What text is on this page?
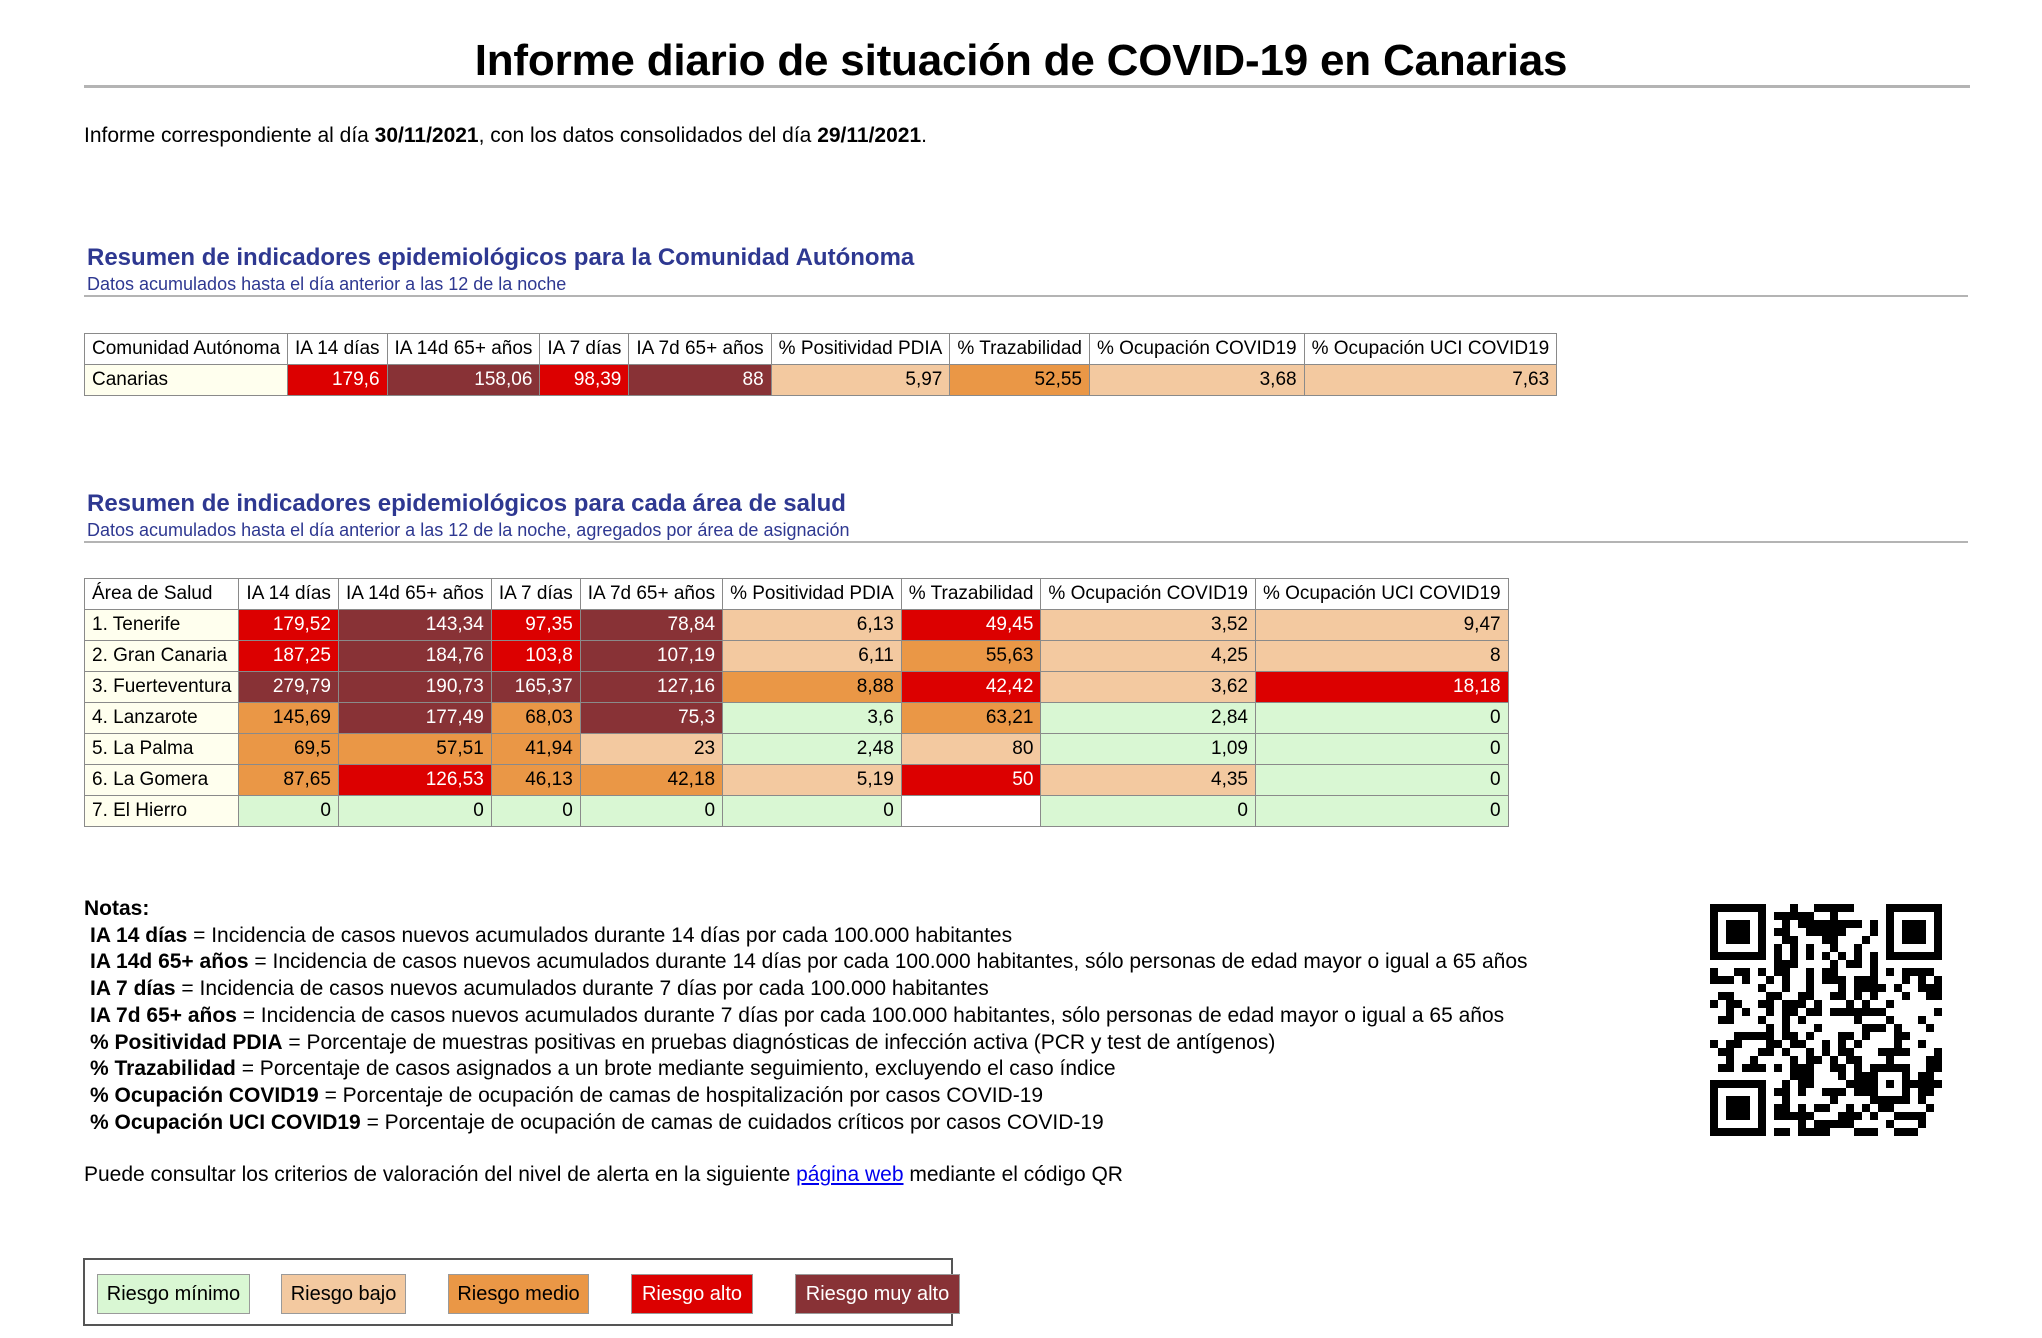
Informe diario de situación de COVID-19 en Canarias
Informe correspondiente al día 30/11/2021, con los datos consolidados del día 29/11/2021.
Resumen de indicadores epidemiológicos para la Comunidad Autónoma
Datos acumulados hasta el día anterior a las 12 de la noche
Comunidad Autónoma	IA 14 días	IA 14d 65+ años	IA 7 días	IA 7d 65+ años	% Positividad PDIA	% Trazabilidad	% Ocupación COVID19	% Ocupación UCI COVID19
Canarias	179,6	158,06	98,39	88	5,97	52,55	3,68	7,63
Resumen de indicadores epidemiológicos para cada área de salud
Datos acumulados hasta el día anterior a las 12 de la noche, agregados por área de asignación
Área de Salud	IA 14 días	IA 14d 65+ años	IA 7 días	IA 7d 65+ años	% Positividad PDIA	% Trazabilidad	% Ocupación COVID19	% Ocupación UCI COVID19
1. Tenerife	179,52	143,34	97,35	78,84	6,13	49,45	3,52	9,47
2. Gran Canaria	187,25	184,76	103,8	107,19	6,11	55,63	4,25	8
3. Fuerteventura	279,79	190,73	165,37	127,16	8,88	42,42	3,62	18,18
4. Lanzarote	145,69	177,49	68,03	75,3	3,6	63,21	2,84	0
5. La Palma	69,5	57,51	41,94	23	2,48	80	1,09	0
6. La Gomera	87,65	126,53	46,13	42,18	5,19	50	4,35	0
7. El Hierro	0	0	0	0	0		0	0
Notas:
IA 14 días = Incidencia de casos nuevos acumulados durante 14 días por cada 100.000 habitantes
IA 14d 65+ años = Incidencia de casos nuevos acumulados durante 14 días por cada 100.000 habitantes, sólo personas de edad mayor o igual a 65 años
IA 7 días = Incidencia de casos nuevos acumulados durante 7 días por cada 100.000 habitantes
IA 7d 65+ años = Incidencia de casos nuevos acumulados durante 7 días por cada 100.000 habitantes, sólo personas de edad mayor o igual a 65 años
% Positividad PDIA = Porcentaje de muestras positivas en pruebas diagnósticas de infección activa (PCR y test de antígenos)
% Trazabilidad = Porcentaje de casos asignados a un brote mediante seguimiento, excluyendo el caso índice
% Ocupación COVID19 = Porcentaje de ocupación de camas de hospitalización por casos COVID-19
% Ocupación UCI COVID19 = Porcentaje de ocupación de camas de cuidados críticos por casos COVID-19
Puede consultar los criterios de valoración del nivel de alerta en la siguiente página web mediante el código QR
Riesgo mínimo	Riesgo bajo	Riesgo medio	Riesgo alto	Riesgo muy alto
